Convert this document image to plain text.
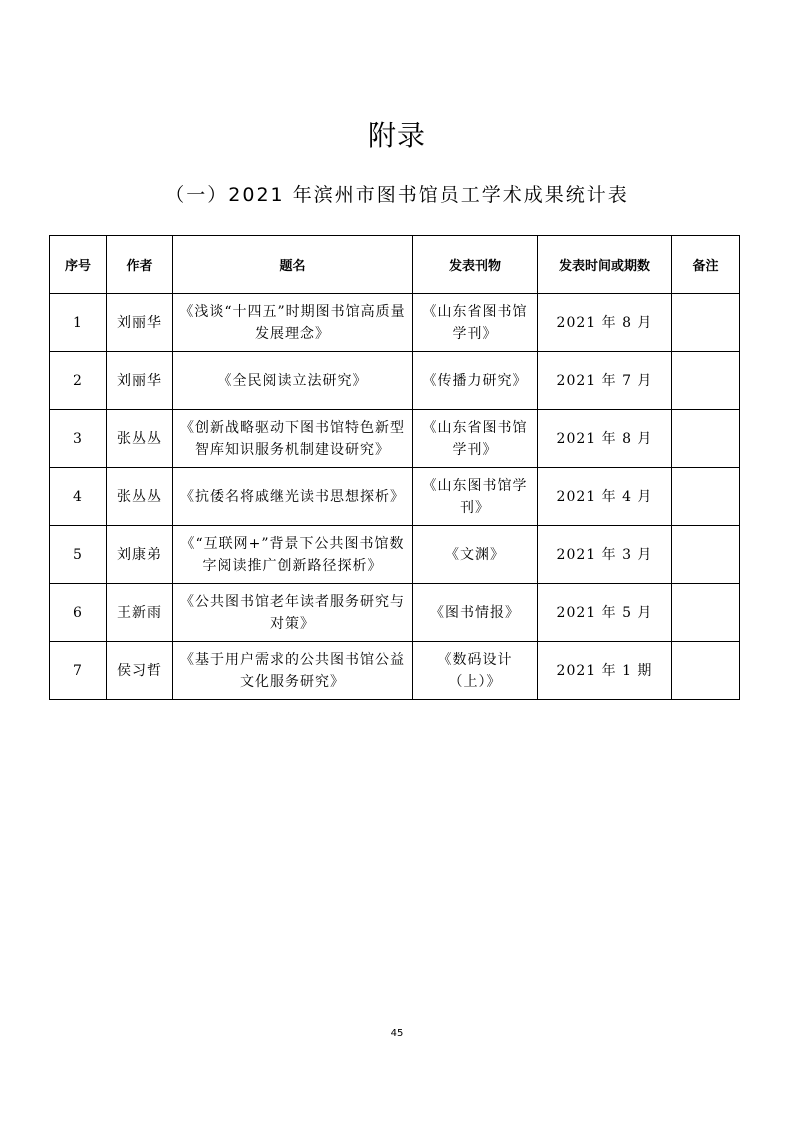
附录
（一）2021 年滨州市图书馆员工学术成果统计表
序号	作者	题名	发表刊物	发表时间或期数	备注
1	刘丽华	《浅谈“十四五”时期图书馆高质量发展理念》	《山东省图书馆学刊》	2021 年 8 月	
2	刘丽华	《全民阅读立法研究》	《传播力研究》	2021 年 7 月	
3	张丛丛	《创新战略驱动下图书馆特色新型智库知识服务机制建设研究》	《山东省图书馆学刊》	2021 年 8 月	
4	张丛丛	《抗倭名将戚继光读书思想探析》	《山东图书馆学刊》	2021 年 4 月	
5	刘康弟	《“互联网+”背景下公共图书馆数字阅读推广创新路径探析》	《文渊》	2021 年 3 月	
6	王新雨	《公共图书馆老年读者服务研究与对策》	《图书情报》	2021 年 5 月	
7	侯习哲	《基于用户需求的公共图书馆公益文化服务研究》	《数码设计（上）》	2021 年 1 期	
45
